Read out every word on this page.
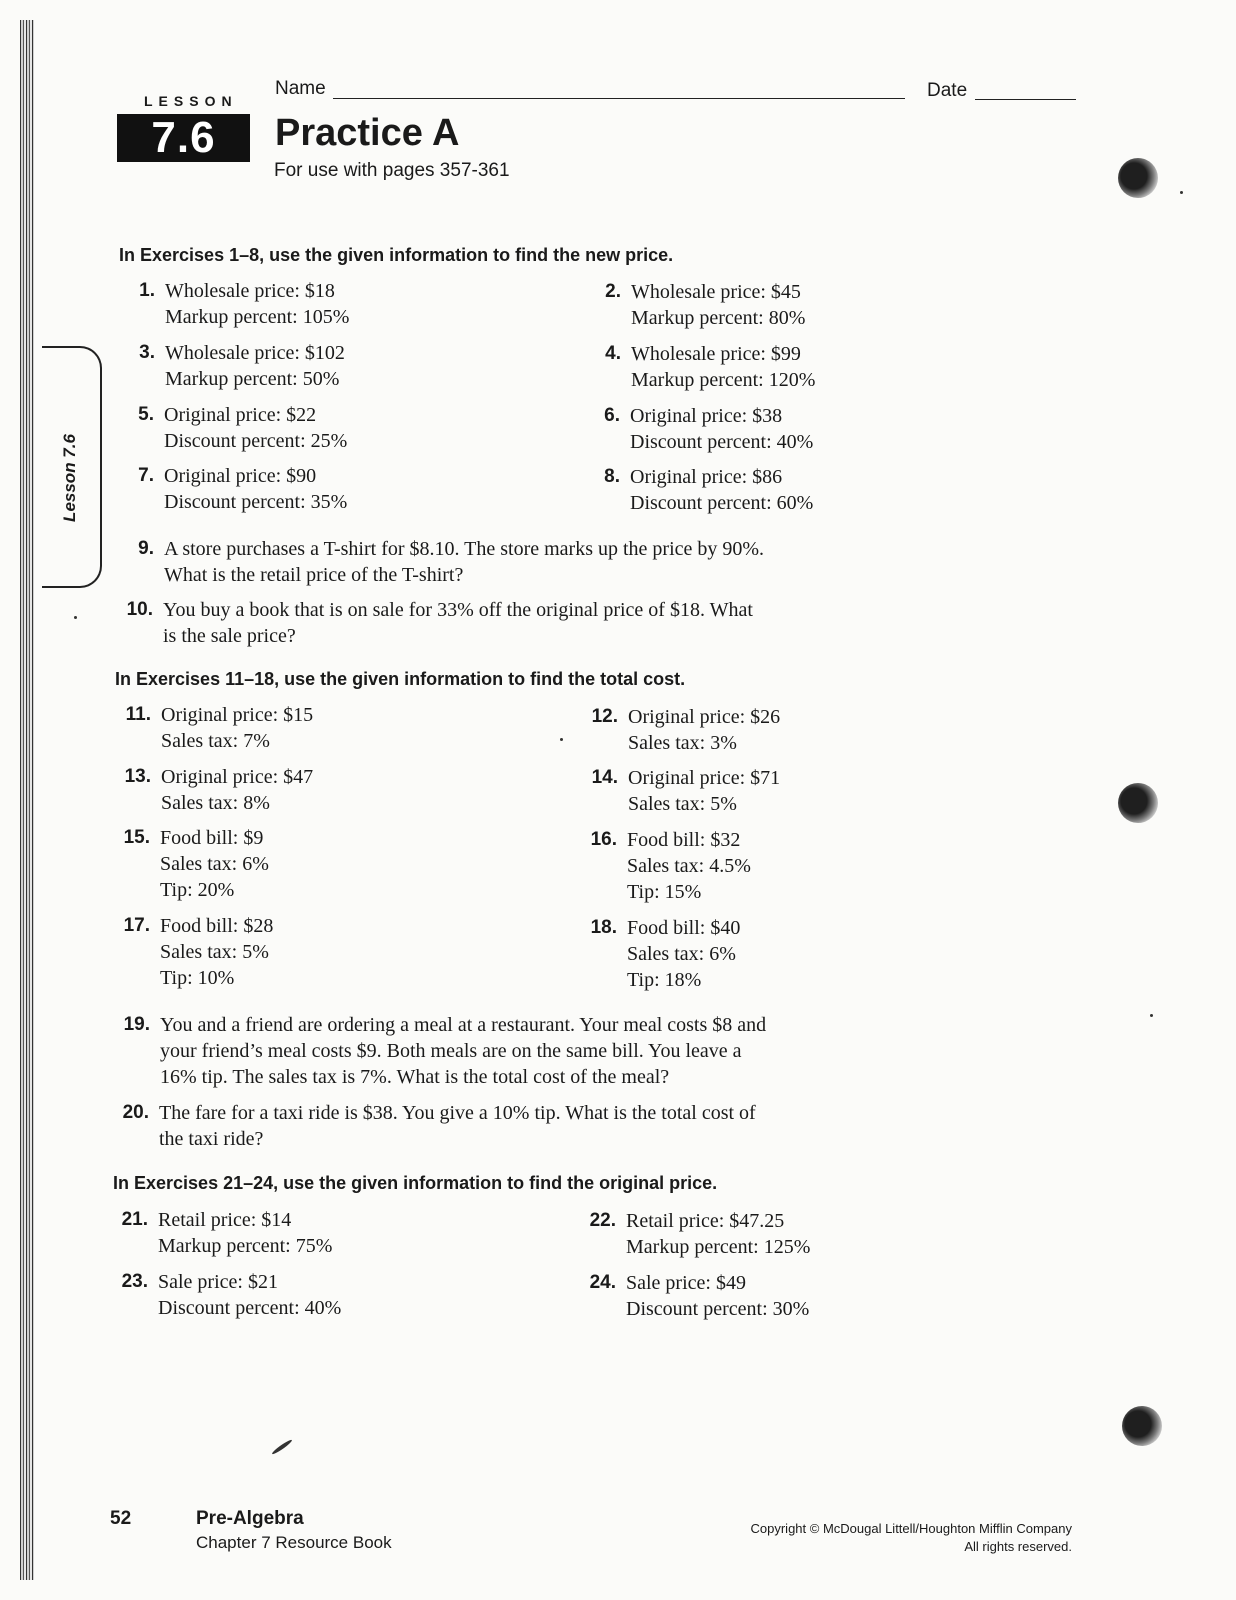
LESSON
7.6
Name	Date
Practice A
For use with pages 357-361
Lesson 7.6
In Exercises 1–8, use the given information to find the new price.
1. Wholesale price: $18
Markup percent: 105%
2. Wholesale price: $45
Markup percent: 80%
3. Wholesale price: $102
Markup percent: 50%
4. Wholesale price: $99
Markup percent: 120%
5. Original price: $22
Discount percent: 25%
6. Original price: $38
Discount percent: 40%
7. Original price: $90
Discount percent: 35%
8. Original price: $86
Discount percent: 60%
9. A store purchases a T-shirt for $8.10. The store marks up the price by 90%.
What is the retail price of the T-shirt?
10. You buy a book that is on sale for 33% off the original price of $18. What
is the sale price?
In Exercises 11–18, use the given information to find the total cost.
11. Original price: $15
Sales tax: 7%
12. Original price: $26
Sales tax: 3%
13. Original price: $47
Sales tax: 8%
14. Original price: $71
Sales tax: 5%
15. Food bill: $9
Sales tax: 6%
Tip: 20%
16. Food bill: $32
Sales tax: 4.5%
Tip: 15%
17. Food bill: $28
Sales tax: 5%
Tip: 10%
18. Food bill: $40
Sales tax: 6%
Tip: 18%
19. You and a friend are ordering a meal at a restaurant. Your meal costs $8 and
your friend’s meal costs $9. Both meals are on the same bill. You leave a
16% tip. The sales tax is 7%. What is the total cost of the meal?
20. The fare for a taxi ride is $38. You give a 10% tip. What is the total cost of
the taxi ride?
In Exercises 21–24, use the given information to find the original price.
21. Retail price: $14
Markup percent: 75%
22. Retail price: $47.25
Markup percent: 125%
23. Sale price: $21
Discount percent: 40%
24. Sale price: $49
Discount percent: 30%
52	Pre-Algebra
Chapter 7 Resource Book
Copyright © McDougal Littell/Houghton Mifflin Company
All rights reserved.
